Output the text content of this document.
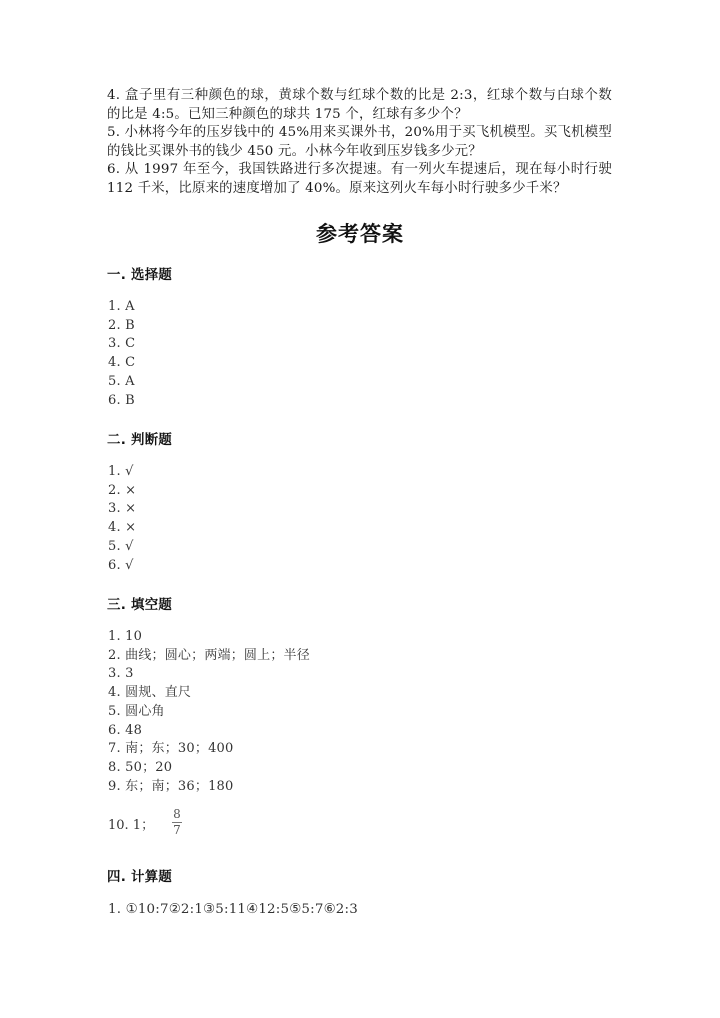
4. 盒子里有三种颜色的球，黄球个数与红球个数的比是 2:3，红球个数与白球个数的比是 4:5。已知三种颜色的球共 175 个，红球有多少个？

5. 小林将今年的压岁钱中的 45%用来买课外书，20%用于买飞机模型。买飞机模型的钱比买课外书的钱少 450 元。小林今年收到压岁钱多少元？

6. 从 1997 年至今，我国铁路进行多次提速。有一列火车提速后，现在每小时行驶 112 千米，比原来的速度增加了 40%。原来这列火车每小时行驶多少千米？

参考答案
一. 选择题
1. A
2. B
3. C
4. C
5. A
6. B
二. 判断题
1. √
2. ×
3. ×
4. ×
5. √
6. √
三. 填空题
1. 10
2. 曲线；圆心；两端；圆上；半径
3. 3
4. 圆规、直尺
5. 圆心角
6. 48
7. 南；东；30；400
8. 50；20
9. 东；南；36；180
10. 1； $\frac{8}{7}$
四. 计算题
1. ①10:7②2:1③5:11④12:5⑤5:7⑥2:3
